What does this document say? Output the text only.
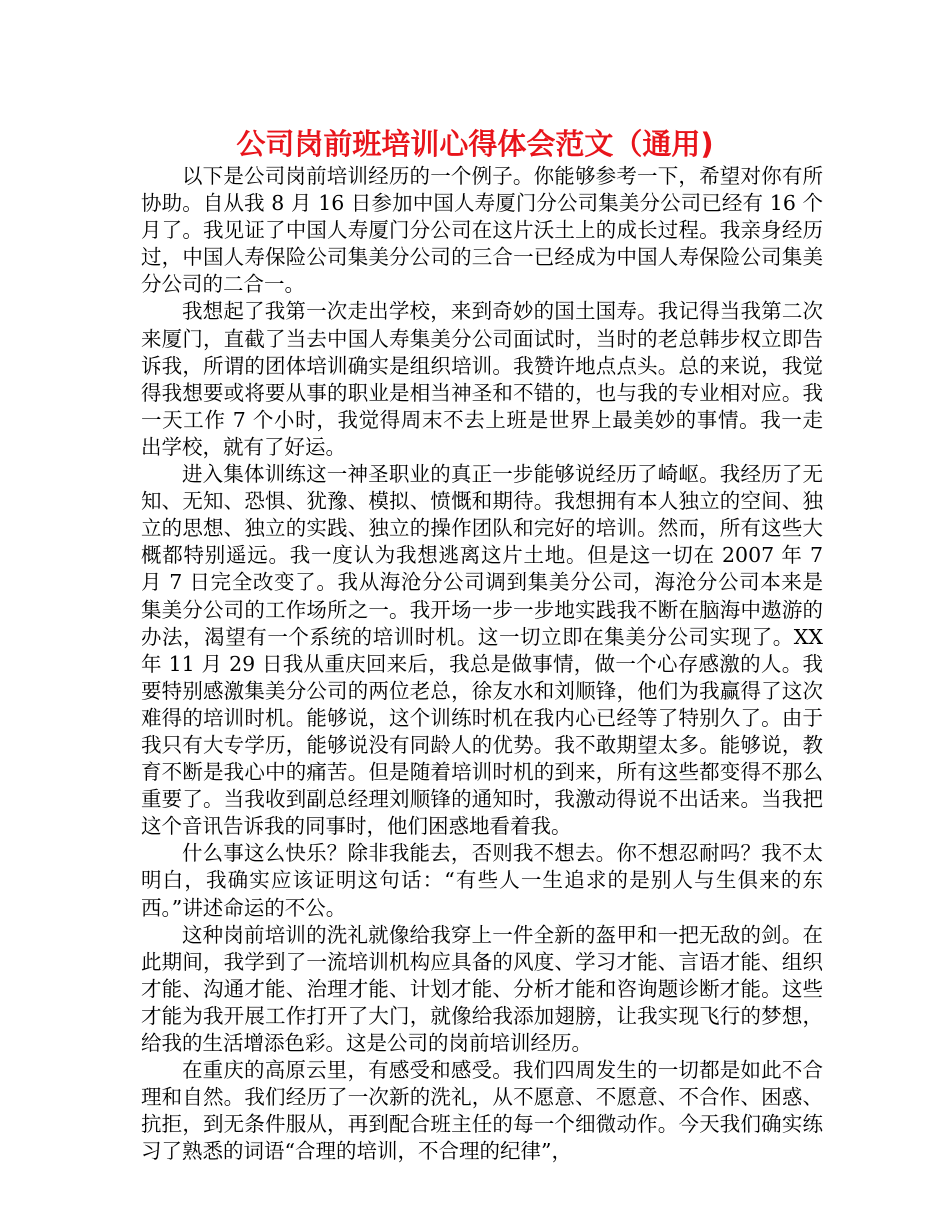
公司岗前班培训心得体会范文（通用)

以下是公司岗前培训经历的一个例子。你能够参考一下，希望对你有所协助。自从我 8 月 16 日参加中国人寿厦门分公司集美分公司已经有 16 个月了。我见证了中国人寿厦门分公司在这片沃土上的成长过程。我亲身经历过，中国人寿保险公司集美分公司的三合一已经成为中国人寿保险公司集美分公司的二合一。

我想起了我第一次走出学校，来到奇妙的国土国寿。我记得当我第二次来厦门，直截了当去中国人寿集美分公司面试时，当时的老总韩步权立即告诉我，所谓的团体培训确实是组织培训。我赞许地点点头。总的来说，我觉得我想要或将要从事的职业是相当神圣和不错的，也与我的专业相对应。我一天工作 7 个小时，我觉得周末不去上班是世界上最美妙的事情。我一走出学校，就有了好运。

进入集体训练这一神圣职业的真正一步能够说经历了崎岖。我经历了无知、无知、恐惧、犹豫、模拟、愤慨和期待。我想拥有本人独立的空间、独立的思想、独立的实践、独立的操作团队和完好的培训。然而，所有这些大概都特别遥远。我一度认为我想逃离这片土地。但是这一切在 2007 年 7 月 7 日完全改变了。我从海沧分公司调到集美分公司，海沧分公司本来是集美分公司的工作场所之一。我开场一步一步地实践我不断在脑海中遨游的办法，渴望有一个系统的培训时机。这一切立即在集美分公司实现了。XX 年 11 月 29 日我从重庆回来后，我总是做事情，做一个心存感激的人。我要特别感激集美分公司的两位老总，徐友水和刘顺锋，他们为我赢得了这次难得的培训时机。能够说，这个训练时机在我内心已经等了特别久了。由于我只有大专学历，能够说没有同龄人的优势。我不敢期望太多。能够说，教育不断是我心中的痛苦。但是随着培训时机的到来，所有这些都变得不那么重要了。当我收到副总经理刘顺锋的通知时，我激动得说不出话来。当我把这个音讯告诉我的同事时，他们困惑地看着我。

什么事这么快乐？除非我能去，否则我不想去。你不想忍耐吗？我不太明白，我确实应该证明这句话：“有些人一生追求的是别人与生俱来的东西。”讲述命运的不公。

这种岗前培训的洗礼就像给我穿上一件全新的盔甲和一把无敌的剑。在此期间，我学到了一流培训机构应具备的风度、学习才能、言语才能、组织才能、沟通才能、治理才能、计划才能、分析才能和咨询题诊断才能。这些才能为我开展工作打开了大门，就像给我添加翅膀，让我实现飞行的梦想，给我的生活增添色彩。这是公司的岗前培训经历。

在重庆的高原云里，有感受和感受。我们四周发生的一切都是如此不合理和自然。我们经历了一次新的洗礼，从不愿意、不愿意、不合作、困惑、抗拒，到无条件服从，再到配合班主任的每一个细微动作。今天我们确实练习了熟悉的词语“合理的培训，不合理的纪律”，
